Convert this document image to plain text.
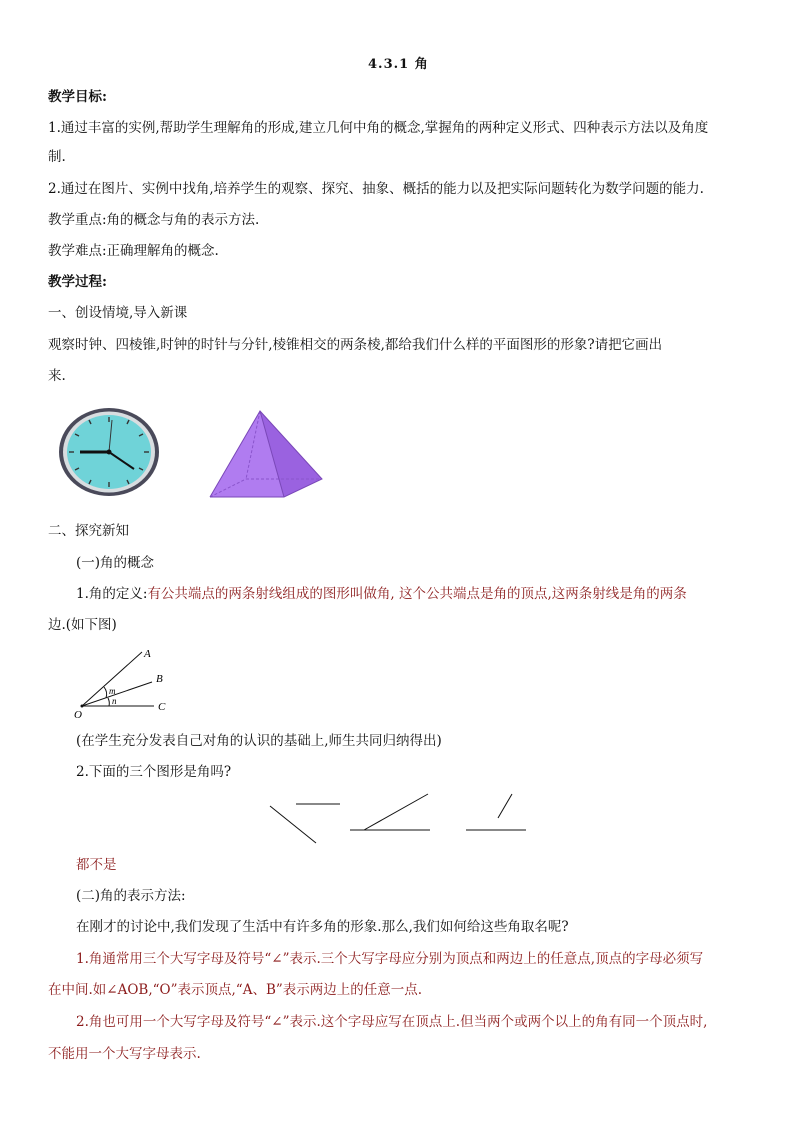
4.3.1 角
教学目标:
1.通过丰富的实例,帮助学生理解角的形成,建立几何中角的概念,掌握角的两种定义形式、四种表示方法以及角度
制.
2.通过在图片、实例中找角,培养学生的观察、探究、抽象、概括的能力以及把实际问题转化为数学问题的能力.
教学重点:角的概念与角的表示方法.
教学难点:正确理解角的概念.
教学过程:
一、创设情境,导入新课
观察时钟、四棱锥,时钟的时针与分针,棱锥相交的两条棱,都给我们什么样的平面图形的形象?请把它画出
来.
二、探究新知
(一)角的概念
1.角的定义:有公共端点的两条射线组成的图形叫做角, 这个公共端点是角的顶点,这两条射线是角的两条
边.(如下图)
A
B
C
O
m
n
(在学生充分发表自己对角的认识的基础上,师生共同归纳得出)
2.下面的三个图形是角吗?
都不是
(二)角的表示方法:
在刚才的讨论中,我们发现了生活中有许多角的形象.那么,我们如何给这些角取名呢?
1.角通常用三个大写字母及符号“∠”表示.三个大写字母应分别为顶点和两边上的任意点,顶点的字母必须写
在中间.如∠AOB,“O”表示顶点,“A、B”表示两边上的任意一点.
2.角也可用一个大写字母及符号“∠”表示.这个字母应写在顶点上.但当两个或两个以上的角有同一个顶点时,
不能用一个大写字母表示.
